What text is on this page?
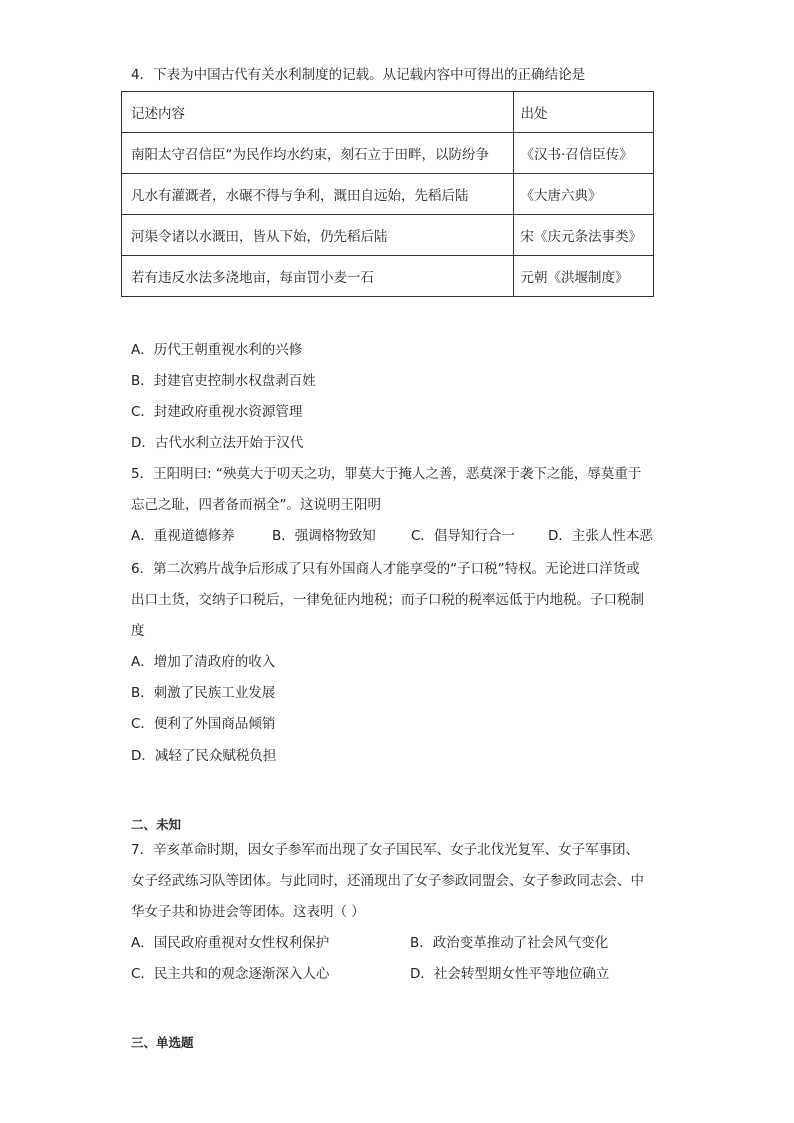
4．下表为中国古代有关水利制度的记载。从记载内容中可得出的正确结论是
记述内容	出处
南阳太守召信臣“为民作均水约束，刻石立于田畔，以防纷争	《汉书·召信臣传》
凡水有灌溉者，水碾不得与争利，溉田自远始，先稻后陆	《大唐六典》
河渠令诸以水溉田，皆从下始，仍先稻后陆	宋《庆元条法事类》
若有违反水法多浇地亩，每亩罚小麦一石	元朝《洪堰制度》
A．历代王朝重视水利的兴修
B．封建官吏控制水权盘剥百姓
C．封建政府重视水资源管理
D．古代水利立法开始于汉代
5．王阳明曰: “殃莫大于叨天之功，罪莫大于掩人之善，恶莫深于袭下之能，辱莫重于
忘己之耻，四者备而祸全”。这说明王阳明
A．重视道德修养	B．强调格物致知	C．倡导知行合一 D．主张人性本恶
6．第二次鸦片战争后形成了只有外国商人才能享受的“子口税”特权。无论进口洋货或
出口土货，交纳子口税后，一律免征内地税；而子口税的税率远低于内地税。子口税制
度
A．增加了清政府的收入
B．刺激了民族工业发展
C．便利了外国商品倾销
D．减轻了民众赋税负担
二、未知
7．辛亥革命时期，因女子参军而出现了女子国民军、女子北伐光复军、女子军事团、
女子经武练习队等团体。与此同时，还涌现出了女子参政同盟会、女子参政同志会、中
华女子共和协进会等团体。这表明（ ）
A．国民政府重视对女性权利保护	B．政治变革推动了社会风气变化
C．民主共和的观念逐渐深入人心	D．社会转型期女性平等地位确立
三、单选题
